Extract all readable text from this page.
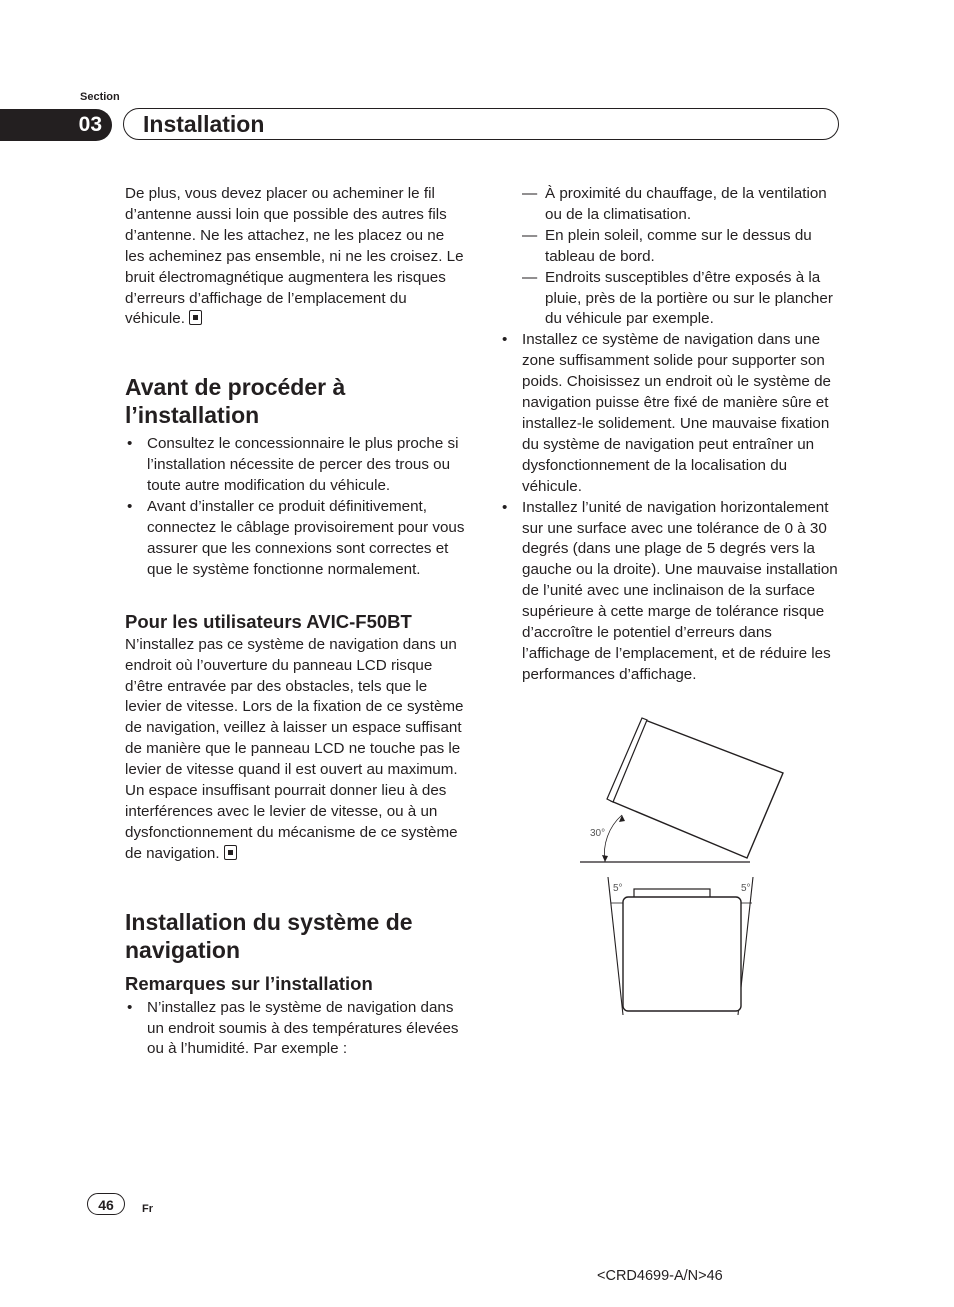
Section
03	Installation

De plus, vous devez placer ou acheminer le fil d’antenne aussi loin que possible des autres fils d’antenne. Ne les attachez, ne les placez ou ne les acheminez pas ensemble, ni ne les croisez. Le bruit électromagnétique augmentera les risques d’erreurs d’affichage de l’emplacement du véhicule.

Avant de procéder à l’installation
• Consultez le concessionnaire le plus proche si l’installation nécessite de percer des trous ou toute autre modification du véhicule.
• Avant d’installer ce produit définitivement, connectez le câblage provisoirement pour vous assurer que les connexions sont correctes et que le système fonctionne normalement.
Pour les utilisateurs AVIC-F50BT

N’installez pas ce système de navigation dans un endroit où l’ouverture du panneau LCD risque d’être entravée par des obstacles, tels que le levier de vitesse. Lors de la fixation de ce système de navigation, veillez à laisser un espace suffisant de manière que le panneau LCD ne touche pas le levier de vitesse quand il est ouvert au maximum. Un espace insuffisant pourrait donner lieu à des interférences avec le levier de vitesse, ou à un dysfonctionnement du mécanisme de ce système de navigation.

Installation du système de navigation
Remarques sur l’installation
• N’installez pas le système de navigation dans un endroit soumis à des températures élevées ou à l’humidité. Par exemple :
— À proximité du chauffage, de la ventilation ou de la climatisation.
— En plein soleil, comme sur le dessus du tableau de bord.
— Endroits susceptibles d’être exposés à la pluie, près de la portière ou sur le plancher du véhicule par exemple.
• Installez ce système de navigation dans une zone suffisamment solide pour supporter son poids. Choisissez un endroit où le système de navigation puisse être fixé de manière sûre et installez-le solidement. Une mauvaise fixation du système de navigation peut entraîner un dysfonctionnement de la localisation du véhicule.
• Installez l’unité de navigation horizontalement sur une surface avec une tolérance de 0 à 30 degrés (dans une plage de 5 degrés vers la gauche ou la droite). Une mauvaise installation de l’unité avec une inclinaison de la surface supérieure à cette marge de tolérance risque d’accroître le potentiel d’erreurs dans l’affichage de l’emplacement, et de réduire les performances d’affichage.
30°
5°	5°
46	Fr
<CRD4699-A/N>46
